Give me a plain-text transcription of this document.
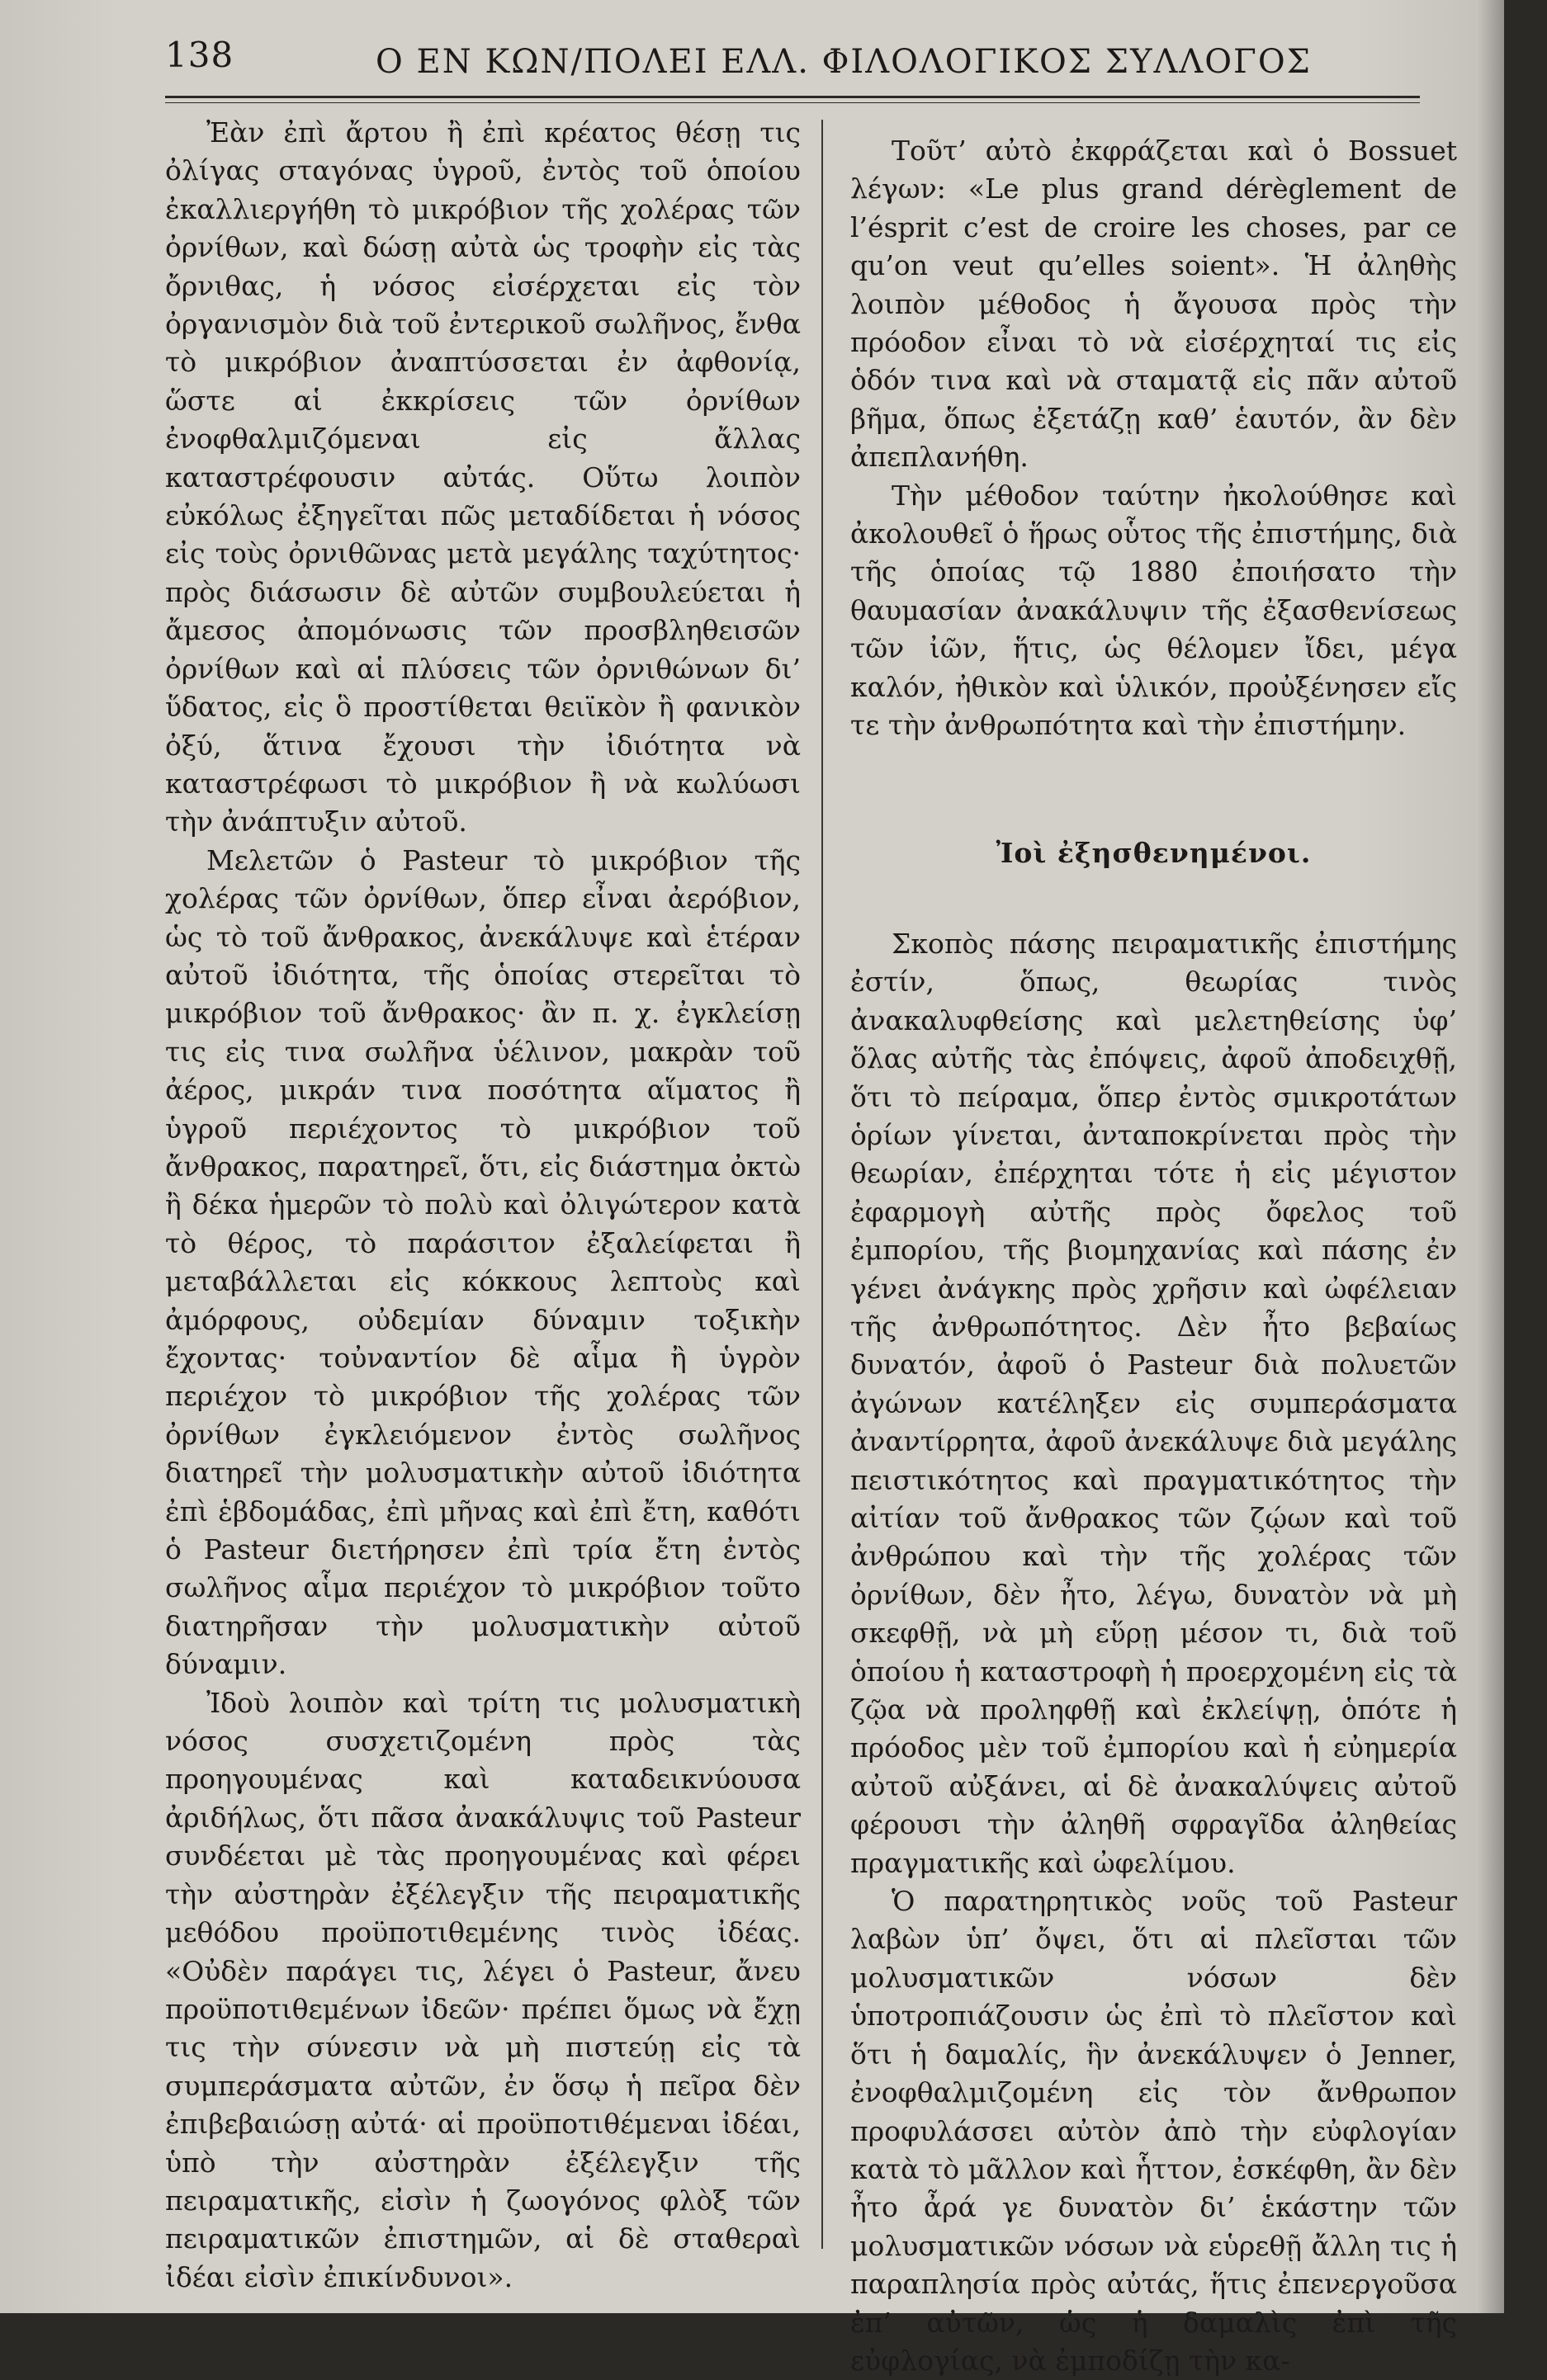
138	Ο ΕΝ ΚΩΝ/ΠΟΛΕΙ ΕΛΛ. ΦΙΛΟΛΟΓΙΚΟΣ ΣΥΛΛΟΓΟΣ

Ἐὰν ἐπὶ ἄρτου ἢ ἐπὶ κρέατος θέσῃ τις ὀλίγας σταγόνας ὑγροῦ, ἐντὸς τοῦ ὁποίου ἐκαλλιεργήθη τὸ μικρόβιον τῆς χολέρας τῶν ὀρνίθων, καὶ δώσῃ αὐτὰ ὡς τροφὴν εἰς τὰς ὄρνιθας, ἡ νόσος εἰσέρχεται εἰς τὸν ὀργανισμὸν διὰ τοῦ ἐντερικοῦ σωλῆνος, ἔνθα τὸ μικρόβιον ἀναπτύσσεται ἐν ἀφθονίᾳ, ὥστε αἱ ἐκκρίσεις τῶν ὀρνίθων ἐνοφθαλμιζόμεναι εἰς ἄλλας καταστρέφουσιν αὐτάς. Οὕτω λοιπὸν εὐκόλως ἐξηγεῖται πῶς μεταδίδεται ἡ νόσος εἰς τοὺς ὀρνιθῶνας μετὰ μεγάλης ταχύτητος· πρὸς διάσωσιν δὲ αὐτῶν συμβουλεύεται ἡ ἄμεσος ἀπομόνωσις τῶν προσβληθεισῶν ὀρνίθων καὶ αἱ πλύσεις τῶν ὀρνιθώνων δι’ ὕδατος, εἰς ὃ προστίθεται θειϊκὸν ἢ φανικὸν ὀξύ, ἅτινα ἔχουσι τὴν ἰδιότητα νὰ καταστρέφωσι τὸ μικρόβιον ἢ νὰ κωλύωσι τὴν ἀνάπτυξιν αὐτοῦ.

Μελετῶν ὁ Pasteur τὸ μικρόβιον τῆς χολέρας τῶν ὀρνίθων, ὅπερ εἶναι ἀερόβιον, ὡς τὸ τοῦ ἄνθρακος, ἀνεκάλυψε καὶ ἑτέραν αὐτοῦ ἰδιότητα, τῆς ὁποίας στερεῖται τὸ μικρόβιον τοῦ ἄνθρακος· ἂν π. χ. ἐγκλείσῃ τις εἰς τινα σωλῆνα ὑέλινον, μακρὰν τοῦ ἀέρος, μικράν τινα ποσότητα αἵματος ἢ ὑγροῦ περιέχοντος τὸ μικρόβιον τοῦ ἄνθρακος, παρατηρεῖ, ὅτι, εἰς διάστημα ὀκτὼ ἢ δέκα ἡμερῶν τὸ πολὺ καὶ ὀλιγώτερον κατὰ τὸ θέρος, τὸ παράσιτον ἐξαλείφεται ἢ μεταβάλλεται εἰς κόκκους λεπτοὺς καὶ ἀμόρφους, οὐδεμίαν δύναμιν τοξικὴν ἔχοντας· τοὐναντίον δὲ αἷμα ἢ ὑγρὸν περιέχον τὸ μικρόβιον τῆς χολέρας τῶν ὀρνίθων ἐγκλειόμενον ἐντὸς σωλῆνος διατηρεῖ τὴν μολυσματικὴν αὐτοῦ ἰδιότητα ἐπὶ ἑβδομάδας, ἐπὶ μῆνας καὶ ἐπὶ ἔτη, καθότι ὁ Pasteur διετήρησεν ἐπὶ τρία ἔτη ἐντὸς σωλῆνος αἷμα περιέχον τὸ μικρόβιον τοῦτο διατηρῆσαν τὴν μολυσματικὴν αὐτοῦ δύναμιν.

Ἰδοὺ λοιπὸν καὶ τρίτη τις μολυσματικὴ νόσος συσχετιζομένη πρὸς τὰς προηγουμένας καὶ καταδεικνύουσα ἀριδήλως, ὅτι πᾶσα ἀνακάλυψις τοῦ Pasteur συνδέεται μὲ τὰς προηγουμένας καὶ φέρει τὴν αὐστηρὰν ἐξέλεγξιν τῆς πειραματικῆς μεθόδου προϋποτιθεμένης τινὸς ἰδέας. «Οὐδὲν παράγει τις, λέγει ὁ Pasteur, ἄνευ προϋποτιθεμένων ἰδεῶν· πρέπει ὅμως νὰ ἔχῃ τις τὴν σύνεσιν νὰ μὴ πιστεύῃ εἰς τὰ συμπεράσματα αὐτῶν, ἐν ὅσῳ ἡ πεῖρα δὲν ἐπιβεβαιώσῃ αὐτά· αἱ προϋποτιθέμεναι ἰδέαι, ὑπὸ τὴν αὐστηρὰν ἐξέλεγξιν τῆς πειραματικῆς, εἰσὶν ἡ ζωογόνος φλὸξ τῶν πειραματικῶν ἐπιστημῶν, αἱ δὲ σταθεραὶ ἰδέαι εἰσὶν ἐπικίνδυνοι».

Τοῦτ’ αὐτὸ ἐκφράζεται καὶ ὁ Bossuet λέγων: «Le plus grand dérèglement de l’ésprit c’est de croire les choses, par ce qu’on veut qu’elles soient». Ἡ ἀληθὴς λοιπὸν μέθοδος ἡ ἄγουσα πρὸς τὴν πρόοδον εἶναι τὸ νὰ εἰσέρχηταί τις εἰς ὁδόν τινα καὶ νὰ σταματᾷ εἰς πᾶν αὐτοῦ βῆμα, ὅπως ἐξετάζῃ καθ’ ἑαυτόν, ἂν δὲν ἀπεπλανήθη.

Τὴν μέθοδον ταύτην ἠκολούθησε καὶ ἀκολουθεῖ ὁ ἥρως οὗτος τῆς ἐπιστήμης, διὰ τῆς ὁποίας τῷ 1880 ἐποιήσατο τὴν θαυμασίαν ἀνακάλυψιν τῆς ἐξασθενίσεως τῶν ἰῶν, ἥτις, ὡς θέλομεν ἴδει, μέγα καλόν, ἠθικὸν καὶ ὑλικόν, προὐξένησεν εἴς τε τὴν ἀνθρωπότητα καὶ τὴν ἐπιστήμην.

Ἰοὶ ἐξησθενημένοι.

Σκοπὸς πάσης πειραματικῆς ἐπιστήμης ἐστίν, ὅπως, θεωρίας τινὸς ἀνακαλυφθείσης καὶ μελετηθείσης ὑφ’ ὅλας αὐτῆς τὰς ἐπόψεις, ἀφοῦ ἀποδειχθῇ, ὅτι τὸ πείραμα, ὅπερ ἐντὸς σμικροτάτων ὁρίων γίνεται, ἀνταποκρίνεται πρὸς τὴν θεωρίαν, ἐπέρχηται τότε ἡ εἰς μέγιστον ἐφαρμογὴ αὐτῆς πρὸς ὄφελος τοῦ ἐμπορίου, τῆς βιομηχανίας καὶ πάσης ἐν γένει ἀνάγκης πρὸς χρῆσιν καὶ ὠφέλειαν τῆς ἀνθρωπότητος. Δὲν ἦτο βεβαίως δυνατόν, ἀφοῦ ὁ Pasteur διὰ πολυετῶν ἀγώνων κατέληξεν εἰς συμπεράσματα ἀναντίρρητα, ἀφοῦ ἀνεκάλυψε διὰ μεγάλης πειστικότητος καὶ πραγματικότητος τὴν αἰτίαν τοῦ ἄνθρακος τῶν ζῴων καὶ τοῦ ἀνθρώπου καὶ τὴν τῆς χολέρας τῶν ὀρνίθων, δὲν ἦτο, λέγω, δυνατὸν νὰ μὴ σκεφθῇ, νὰ μὴ εὕρῃ μέσον τι, διὰ τοῦ ὁποίου ἡ καταστροφὴ ἡ προερχομένη εἰς τὰ ζῷα νὰ προληφθῇ καὶ ἐκλείψῃ, ὁπότε ἡ πρόοδος μὲν τοῦ ἐμπορίου καὶ ἡ εὐημερία αὐτοῦ αὐξάνει, αἱ δὲ ἀνακαλύψεις αὐτοῦ φέρουσι τὴν ἀληθῆ σφραγῖδα ἀληθείας πραγματικῆς καὶ ὠφελίμου.

Ὁ παρατηρητικὸς νοῦς τοῦ Pasteur λαβὼν ὑπ’ ὄψει, ὅτι αἱ πλεῖσται τῶν μολυσματικῶν νόσων δὲν ὑποτροπιάζουσιν ὡς ἐπὶ τὸ πλεῖστον καὶ ὅτι ἡ δαμαλίς, ἣν ἀνεκάλυψεν ὁ Jenner, ἐνοφθαλμιζομένη εἰς τὸν ἄνθρωπον προφυλάσσει αὐτὸν ἀπὸ τὴν εὐφλογίαν κατὰ τὸ μᾶλλον καὶ ἧττον, ἐσκέφθη, ἂν δὲν ἦτο ἆρά γε δυνατὸν δι’ ἑκάστην τῶν μολυσματικῶν νόσων νὰ εὑρεθῇ ἄλλη τις ἡ παραπλησία πρὸς αὐτάς, ἥτις ἐπενεργοῦσα ἐπ’ αὐτῶν, ὡς ἡ δαμαλὶς ἐπὶ τῆς εὐφλογίας, νὰ ἐμποδίζῃ τὴν κα-
